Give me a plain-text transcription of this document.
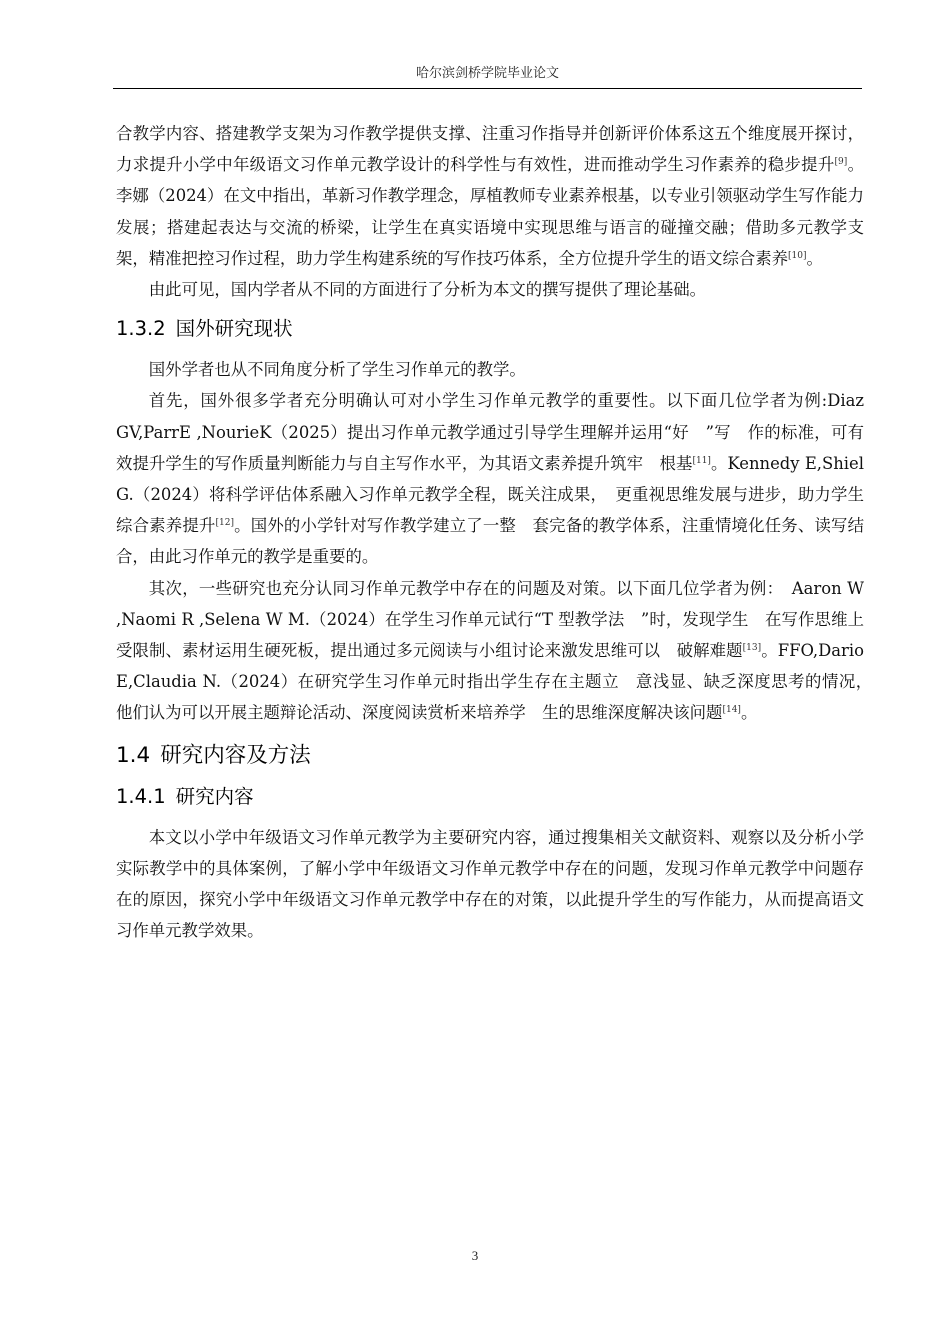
哈尔滨剑桥学院毕业论文

合教学内容、搭建教学支架为习作教学提供支撑、注重习作指导并创新评价体系这五个维度展开探讨，力求提升小学中年级语文习作单元教学设计的科学性与有效性，进而推动学生习作素养的稳步提升[9]。李娜（2024）在文中指出，革新习作教学理念，厚植教师专业素养根基，以专业引领驱动学生写作能力发展；搭建起表达与交流的桥梁，让学生在真实语境中实现思维与语言的碰撞交融；借助多元教学支架，精准把控习作过程，助力学生构建系统的写作技巧体系，全方位提升学生的语文综合素养[10]。

由此可见，国内学者从不同的方面进行了分析为本文的撰写提供了理论基础。

1.3.2 国外研究现状

国外学者也从不同角度分析了学生习作单元的教学。

首先，国外很多学者充分明确认可对小学生习作单元教学的重要性。以下面几位学者为例:Diaz GV,ParrE ,NourieK（2025）提出习作单元教学通过引导学生理解并运用“好　”写　作的标准，可有效提升学生的写作质量判断能力与自主写作水平，为其语文素养提升筑牢　根基[11]。Kennedy E,Shiel G.（2024）将科学评估体系融入习作单元教学全程，既关注成果，　更重视思维发展与进步，助力学生综合素养提升[12]。国外的小学针对写作教学建立了一整　套完备的教学体系，注重情境化任务、读写结合，由此习作单元的教学是重要的。

其次，一些研究也充分认同习作单元教学中存在的问题及对策。以下面几位学者为例：　Aaron W ,Naomi R ,Selena W M.（2024）在学生习作单元试行“T 型教学法　”时，发现学生　在写作思维上受限制、素材运用生硬死板，提出通过多元阅读与小组讨论来激发思维可以　破解难题[13]。FFO,Dario E,Claudia N.（2024）在研究学生习作单元时指出学生存在主题立　意浅显、缺乏深度思考的情况，　他们认为可以开展主题辩论活动、深度阅读赏析来培养学　生的思维深度解决该问题[14]。

1.4 研究内容及方法
1.4.1 研究内容

本文以小学中年级语文习作单元教学为主要研究内容，通过搜集相关文献资料、观察以及分析小学实际教学中的具体案例，了解小学中年级语文习作单元教学中存在的问题，发现习作单元教学中问题存在的原因，探究小学中年级语文习作单元教学中存在的对策，以此提升学生的写作能力，从而提高语文习作单元教学效果。

3
